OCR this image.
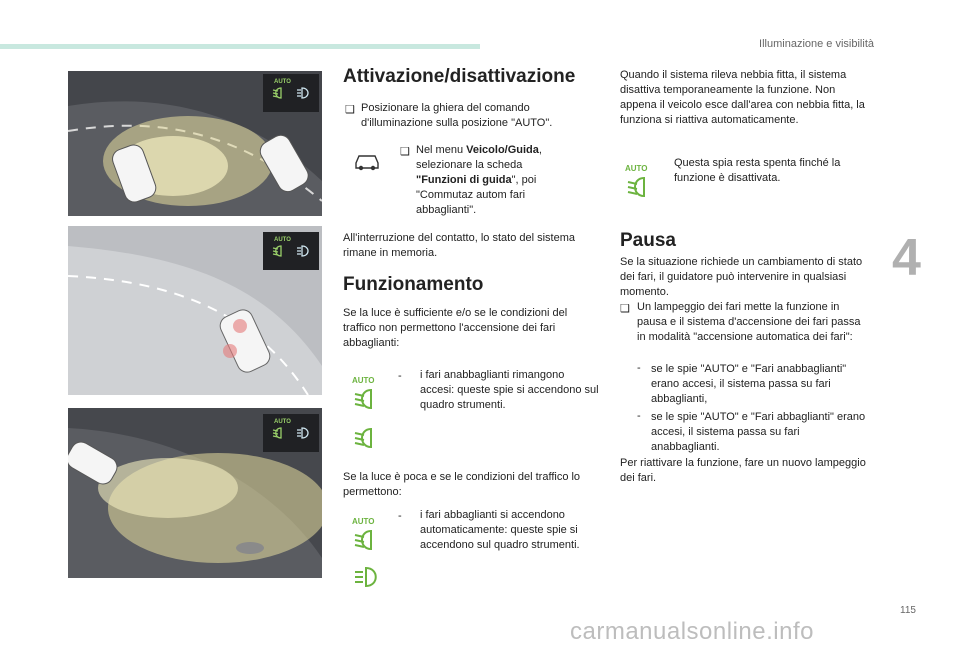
Illuminazione e visibilità
4
115
carmanualsonline.info
AUTO
AUTO
AUTO
Attivazione/disattivazione
❑ Posizionare la ghiera del comando d'illuminazione sulla posizione "AUTO".
❑ Nel menu Veicolo/Guida, selezionare la scheda "Funzioni di guida", poi "Commutaz autom fari abbaglianti".
All'interruzione del contatto, lo stato del sistema rimane in memoria.
Funzionamento
Se la luce è sufficiente e/o se le condizioni del traffico non permettono l'accensione dei fari abbaglianti:
AUTO - i fari anabbaglianti rimangono accesi: queste spie si accendono sul quadro strumenti.
Se la luce è poca e se le condizioni del traffico lo permettono:
AUTO - i fari abbaglianti si accendono automaticamente: queste spie si accendono sul quadro strumenti.
Quando il sistema rileva nebbia fitta, il sistema disattiva temporaneamente la funzione. Non appena il veicolo esce dall'area con nebbia fitta, la funziona si riattiva automaticamente.
AUTO Questa spia resta spenta finché la funzione è disattivata.
Pausa
Se la situazione richiede un cambiamento di stato dei fari, il guidatore può intervenire in qualsiasi momento.
❑ Un lampeggio dei fari mette la funzione in pausa e il sistema d'accensione dei fari passa in modalità "accensione automatica dei fari":
- se le spie "AUTO" e "Fari anabbaglianti" erano accesi, il sistema passa su fari abbaglianti,
- se le spie "AUTO" e "Fari abbaglianti" erano accesi, il sistema passa su fari anabbaglianti.
Per riattivare la funzione, fare un nuovo lampeggio dei fari.
